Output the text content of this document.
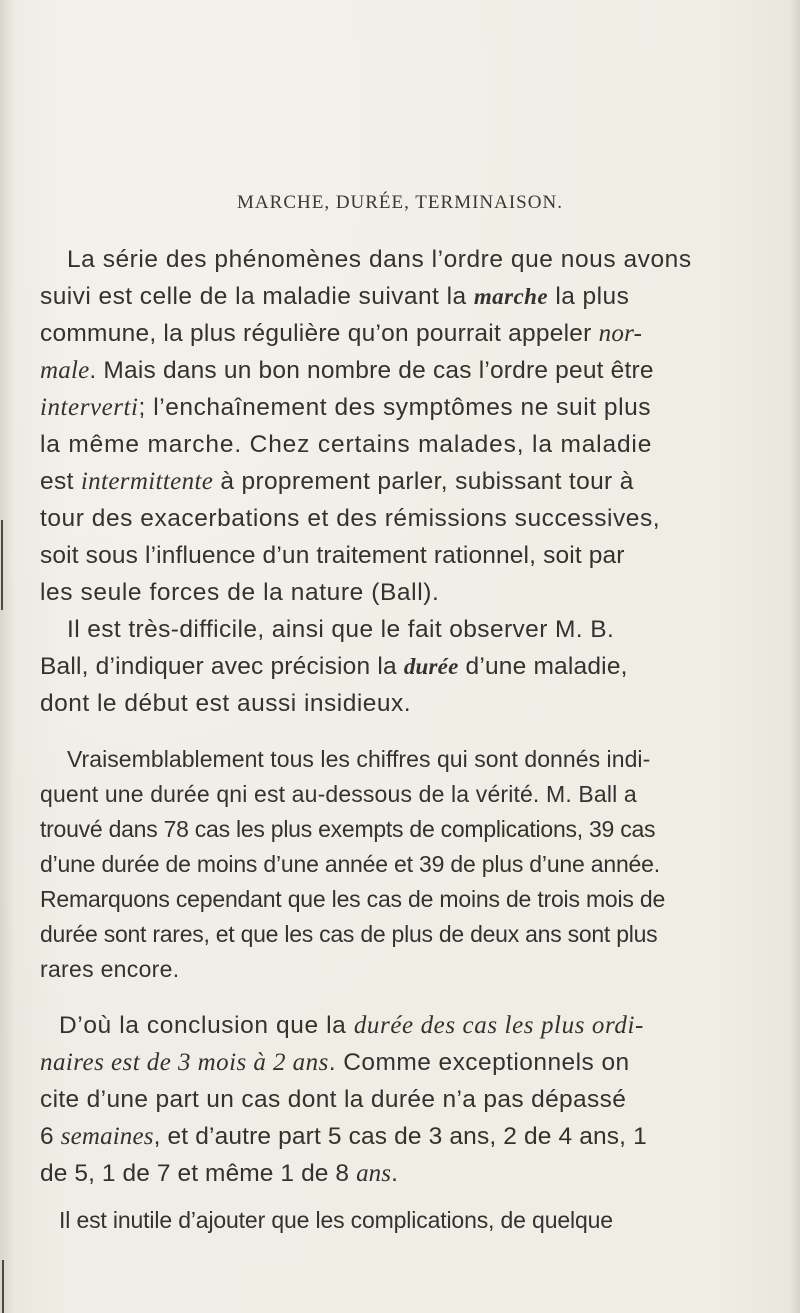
MARCHE, DURÉE, TERMINAISON.
La série des phénomènes dans l’ordre que nous avons
suivi est celle de la maladie suivant la marche la plus
commune, la plus régulière qu’on pourrait appeler nor-
male. Mais dans un bon nombre de cas l’ordre peut être
interverti; l’enchaînement des symptômes ne suit plus
la même marche. Chez certains malades, la maladie
est intermittente à proprement parler, subissant tour à
tour des exacerbations et des rémissions successives,
soit sous l’influence d’un traitement rationnel, soit par
les seule forces de la nature (Ball).
Il est très-difficile, ainsi que le fait observer M. B.
Ball, d’indiquer avec précision la durée d’une maladie,
dont le début est aussi insidieux.
Vraisemblablement tous les chiffres qui sont donnés indi-
quent une durée qni est au-dessous de la vérité. M. Ball a
trouvé dans 78 cas les plus exempts de complications, 39 cas
d’une durée de moins d’une année et 39 de plus d’une année.
Remarquons cependant que les cas de moins de trois mois de
durée sont rares, et que les cas de plus de deux ans sont plus
rares encore.
D’où la conclusion que la durée des cas les plus ordi-
naires est de 3 mois à 2 ans. Comme exceptionnels on
cite d’une part un cas dont la durée n’a pas dépassé
6 semaines, et d’autre part 5 cas de 3 ans, 2 de 4 ans, 1
de 5, 1 de 7 et même 1 de 8 ans.
Il est inutile d’ajouter que les complications, de quelque
